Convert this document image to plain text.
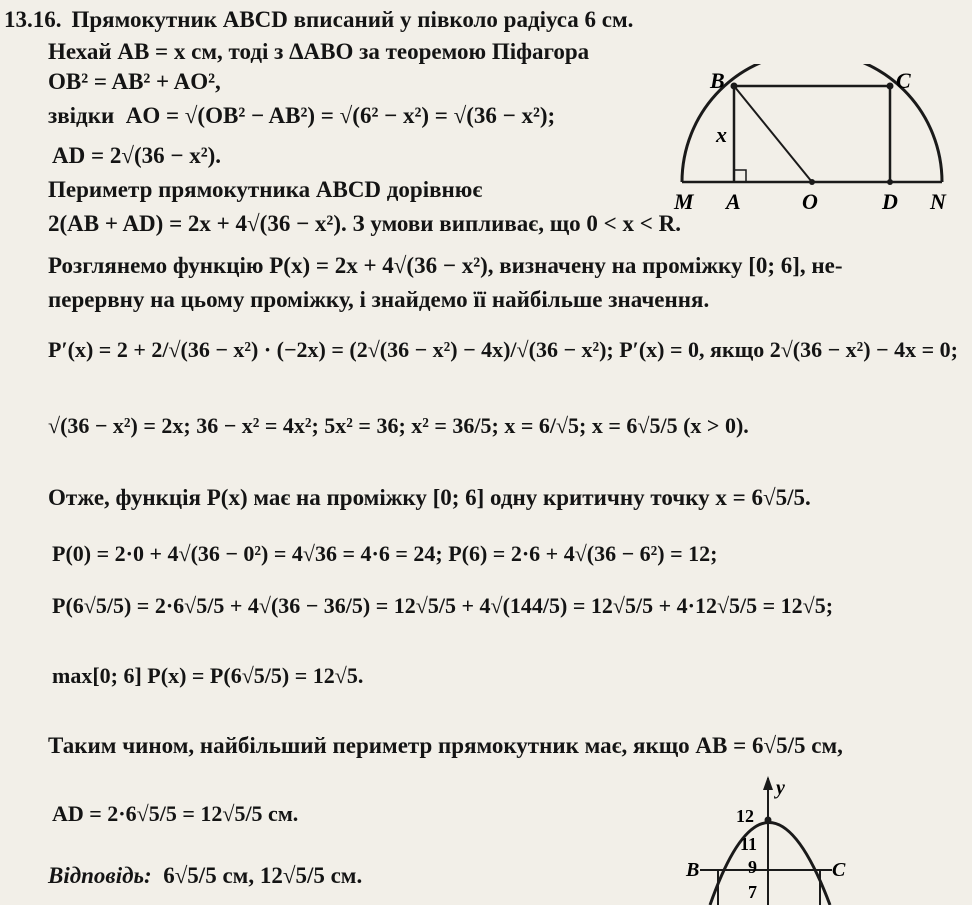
13.16. Прямокутник ABCD вписаний у півколо радіуса 6 см.
Нехай AB = x см, тоді з ΔABO за теоремою Піфагора
OB² = AB² + AO²,
звідки AO = √(OB² − AB²) = √(6² − x²) = √(36 − x²);
AD = 2√(36 − x²).
Периметр прямокутника ABCD дорівнює
2(AB + AD) = 2x + 4√(36 − x²). З умови випливає, що 0 < x < R.
B	C
x
M A	O	D N
Розглянемо функцію P(x) = 2x + 4√(36 − x²), визначену на проміжку [0; 6], не-
перервну на цьому проміжку, і знайдемо її найбільше значення.
P′(x) = 2 + 2/√(36 − x²) · (−2x) = (2√(36 − x²) − 4x)/√(36 − x²); P′(x) = 0, якщо 2√(36 − x²) − 4x = 0;
√(36 − x²) = 2x; 36 − x² = 4x²; 5x² = 36; x² = 36/5; x = 6/√5; x = 6√5/5 (x > 0).
Отже, функція P(x) має на проміжку [0; 6] одну критичну точку x = 6√5/5.
P(0) = 2·0 + 4√(36 − 0²) = 4√36 = 4·6 = 24; P(6) = 2·6 + 4√(36 − 6²) = 12;
P(6√5/5) = 2·6√5/5 + 4√(36 − 36/5) = 12√5/5 + 4√(144/5) = 12√5/5 + 4·12√5/5 = 12√5;
max[0; 6] P(x) = P(6√5/5) = 12√5.
Таким чином, найбільший периметр прямокутник має, якщо AB = 6√5/5 см,
AD = 2·6√5/5 = 12√5/5 см.
Відповідь: 6√5/5 см, 12√5/5 см.
y
12
11
9
7
B	C
